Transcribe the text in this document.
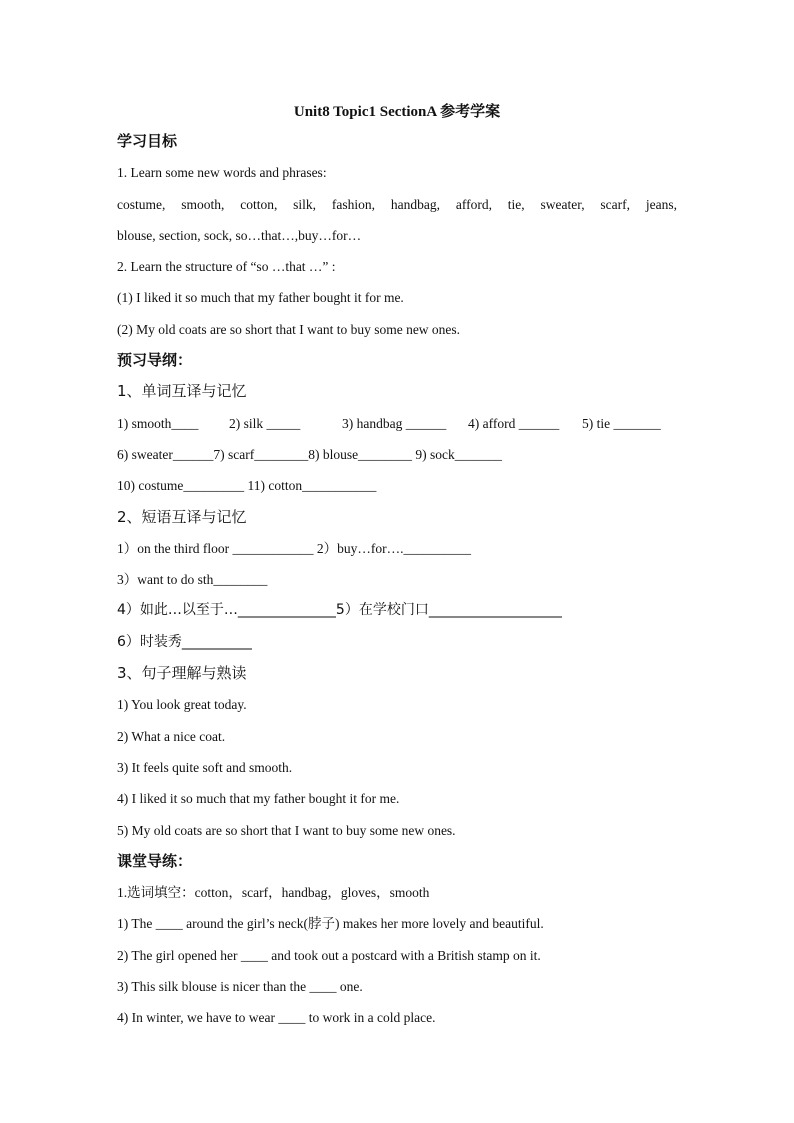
Unit8 Topic1 SectionA 参考学案
学习目标
1. Learn some new words and phrases:
costume, smooth, cotton, silk, fashion, handbag, afford, tie, sweater, scarf, jeans,
blouse, section, sock, so…that…,buy…for…
2. Learn the structure of “so …that …” :
(1) I liked it so much that my father bought it for me.
(2) My old coats are so short that I want to buy some new ones.
预习导纲：
1、单词互译与记忆
1) smooth____	2) silk _____	3) handbag ______	4) afford ______	5) tie _______
6) sweater______7) scarf________8) blouse________ 9) sock_______
10) costume_________ 11) cotton___________
2、短语互译与记忆
1）on the third floor ____________ 2）buy…for….__________
3）want to do sth________
4）如此…以至于…______________5）在学校门口___________________
6）时装秀__________
3、句子理解与熟读
1) You look great today.
2) What a nice coat.
3) It feels quite soft and smooth.
4) I liked it so much that my father bought it for me.
5) My old coats are so short that I want to buy some new ones.
课堂导练：
1.选词填空：cotton，scarf，handbag，gloves，smooth
1) The ____ around the girl’s neck(脖子) makes her more lovely and beautiful.
2) The girl opened her ____ and took out a postcard with a British stamp on it.
3) This silk blouse is nicer than the ____ one.
4) In winter, we have to wear ____ to work in a cold place.
